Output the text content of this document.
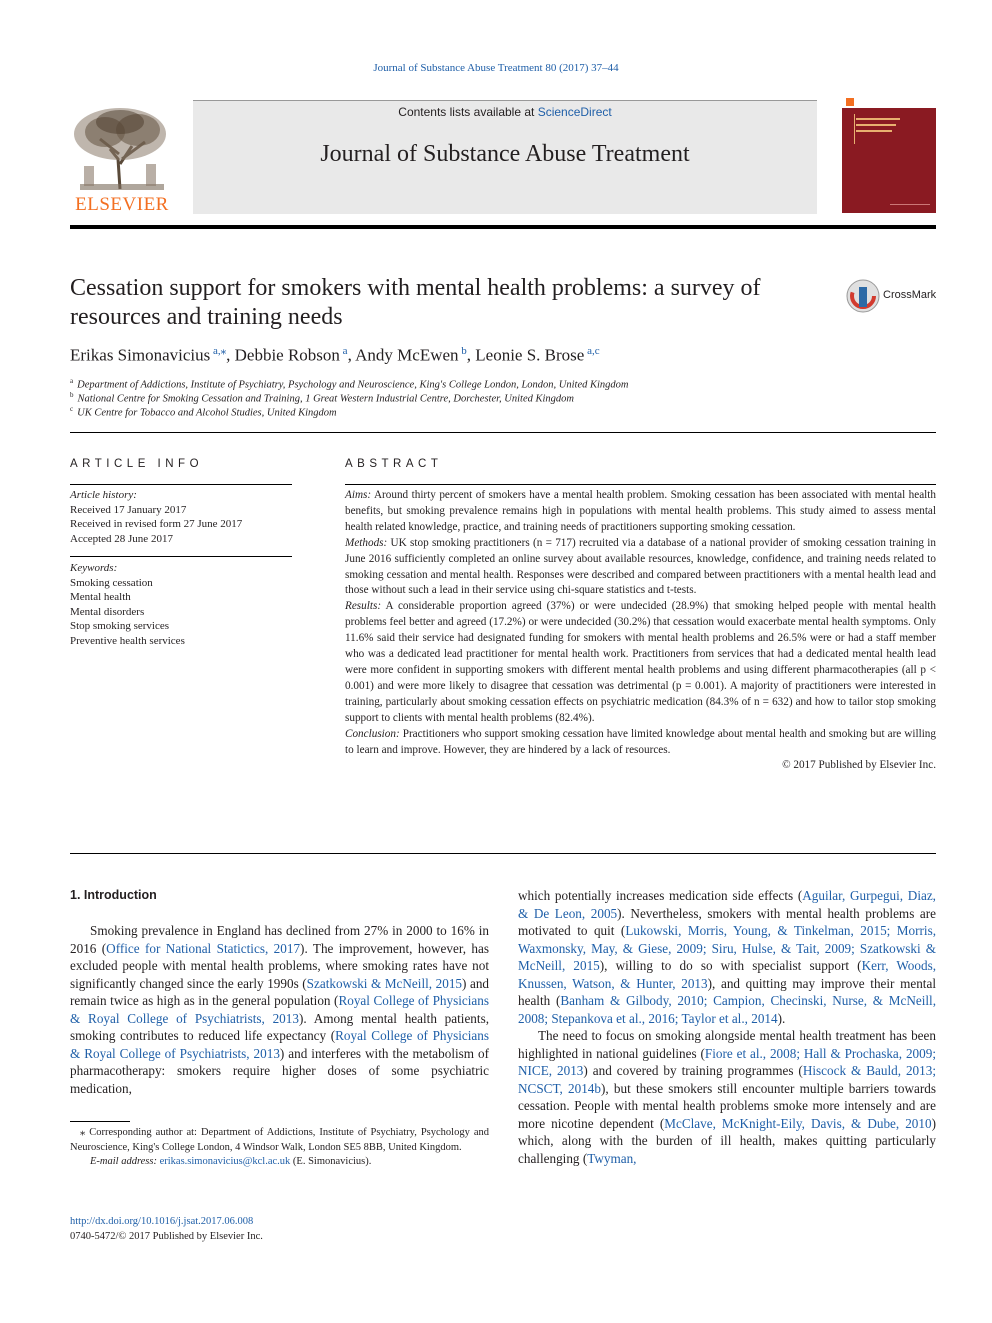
Journal of Substance Abuse Treatment 80 (2017) 37–44
ELSEVIER
Contents lists available at ScienceDirect
Journal of Substance Abuse Treatment
Cessation support for smokers with mental health problems: a survey of resources and training needs
CrossMark
Erikas Simonavicius $^{a,⁎}$, Debbie Robson $^a$, Andy McEwen $^b$, Leonie S. Brose $^{a,c}$
$^a$ Department of Addictions, Institute of Psychiatry, Psychology and Neuroscience, King's College London, London, United Kingdom
$^b$ National Centre for Smoking Cessation and Training, 1 Great Western Industrial Centre, Dorchester, United Kingdom
$^c$ UK Centre for Tobacco and Alcohol Studies, United Kingdom
ARTICLE INFO
Article history:
Received 17 January 2017
Received in revised form 27 June 2017
Accepted 28 June 2017
Keywords:
Smoking cessation
Mental health
Mental disorders
Stop smoking services
Preventive health services
ABSTRACT

Aims: Around thirty percent of smokers have a mental health problem. Smoking cessation has been associated with mental health benefits, but smoking prevalence remains high in populations with mental health problems. This study aimed to assess mental health related knowledge, practice, and training needs of practitioners supporting smoking cessation.

Methods: UK stop smoking practitioners (n = 717) recruited via a database of a national provider of smoking cessation training in June 2016 sufficiently completed an online survey about available resources, knowledge, confidence, and training needs related to smoking cessation and mental health. Responses were described and compared between practitioners with a mental health lead and those without such a lead in their service using chi-square statistics and t-tests.

Results: A considerable proportion agreed (37%) or were undecided (28.9%) that smoking helped people with mental health problems feel better and agreed (17.2%) or were undecided (30.2%) that cessation would exacerbate mental health symptoms. Only 11.6% said their service had designated funding for smokers with mental health problems and 26.5% were or had a staff member who was a dedicated lead practitioner for mental health work. Practitioners from services that had a dedicated mental health lead were more confident in supporting smokers with different mental health problems and using different pharmacotherapies (all p < 0.001) and were more likely to disagree that cessation was detrimental (p = 0.001). A majority of practitioners were interested in training, particularly about smoking cessation effects on psychiatric medication (84.3% of n = 632) and how to tailor stop smoking support to clients with mental health problems (82.4%).

Conclusion: Practitioners who support smoking cessation have limited knowledge about mental health and smoking but are willing to learn and improve. However, they are hindered by a lack of resources.

© 2017 Published by Elsevier Inc.

1. Introduction

Smoking prevalence in England has declined from 27% in 2000 to 16% in 2016 (Office for National Statictics, 2017). The improvement, however, has excluded people with mental health problems, where smoking rates have not significantly changed since the early 1990s (Szatkowski & McNeill, 2015) and remain twice as high as in the general population (Royal College of Physicians & Royal College of Psychiatrists, 2013). Among mental health patients, smoking contributes to reduced life expectancy (Royal College of Physicians & Royal College of Psychiatrists, 2013) and interferes with the metabolism of pharmacotherapy: smokers require higher doses of some psychiatric medication,

which potentially increases medication side effects (Aguilar, Gurpegui, Diaz, & De Leon, 2005). Nevertheless, smokers with mental health problems are motivated to quit (Lukowski, Morris, Young, & Tinkelman, 2015; Morris, Waxmonsky, May, & Giese, 2009; Siru, Hulse, & Tait, 2009; Szatkowski & McNeill, 2015), willing to do so with specialist support (Kerr, Woods, Knussen, Watson, & Hunter, 2013), and quitting may improve their mental health (Banham & Gilbody, 2010; Campion, Checinski, Nurse, & McNeill, 2008; Stepankova et al., 2016; Taylor et al., 2014).

The need to focus on smoking alongside mental health treatment has been highlighted in national guidelines (Fiore et al., 2008; Hall & Prochaska, 2009; NICE, 2013) and covered by training programmes (Hiscock & Bauld, 2013; NCSCT, 2014b), but these smokers still encounter multiple barriers towards cessation. People with mental health problems smoke more intensely and are more nicotine dependent (McClave, McKnight-Eily, Davis, & Dube, 2010) which, along with the burden of ill health, makes quitting particularly challenging (Twyman,

⁎ Corresponding author at: Department of Addictions, Institute of Psychiatry, Psychology and Neuroscience, King's College London, 4 Windsor Walk, London SE5 8BB, United Kingdom.

E-mail address: erikas.simonavicius@kcl.ac.uk (E. Simonavicius).

http://dx.doi.org/10.1016/j.jsat.2017.06.008
0740-5472/© 2017 Published by Elsevier Inc.
